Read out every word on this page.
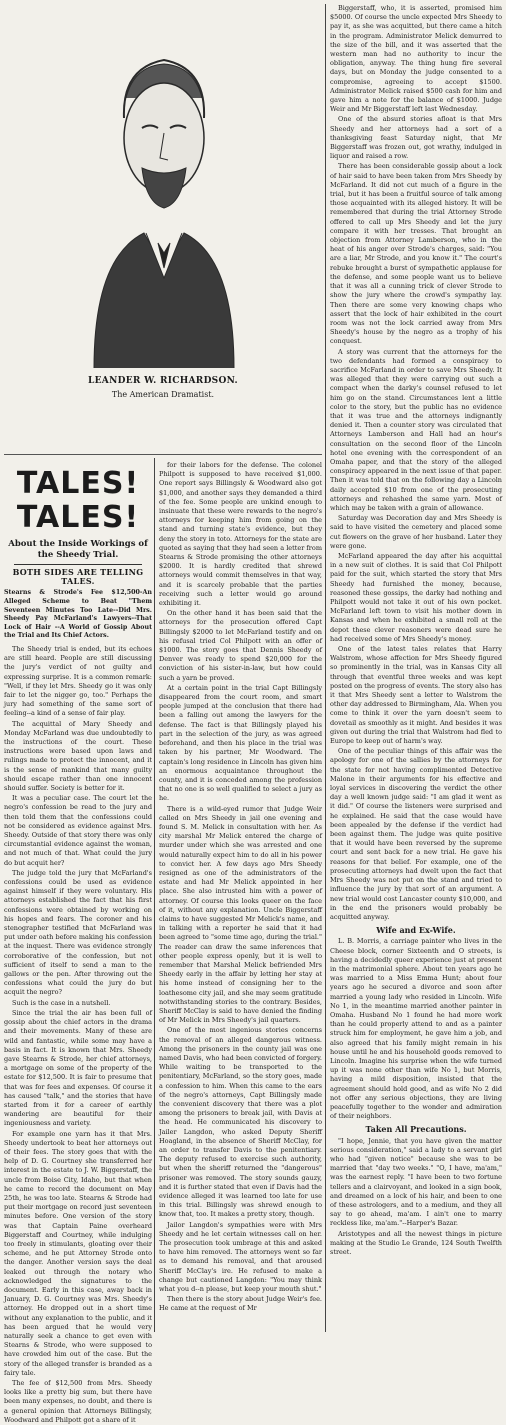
LEANDER W. RICHARDSON.
The American Dramatist.
TALES! TALES!
About the Inside Workings of the Sheedy Trial.
BOTH SIDES ARE TELLING TALES.
Stearns & Strode's Fee $12,500-An Alleged Scheme to Beat "Them Seventeen Minutes Too Late--Did Mrs. Sheedy Pay McFarland's Lawyers--That Lock of Hair --A World of Gossip About the Trial and Its Chief Actors.

The Sheedy trial is ended, but its echoes are still heard. People are still discussing the jury's verdict of not guilty and expressing surprise. It is a common remark: "Well, if they let Mrs. Sheedy go it was only fair to let the nigger go, too." Perhaps the jury had something of the same sort of feeling--a kind of a sense of fair play.

The acquittal of Mary Sheedy and Monday McFarland was due undoubtedly to the instructions of the court. These instructions were based upon laws and rulings made to protect the innocent, and it is the sense of mankind that many guilty should escape rather than one innocent should suffer. Society is better for it.

It was a peculiar case. The court let the negro's confession be read to the jury and then told them that the confessions could not be considered as evidence against Mrs. Sheedy. Outside of that story there was only circumstantial evidence against the woman, and not much of that. What could the jury do but acquit her?

The judge told the jury that McFarland's confessions could be used as evidence against himself if they were voluntary. His attorneys established the fact that his first confessions were obtained by working on his hopes and fears. The coroner and his stenographer testified that McFarland was put under oath before making his confession at the inquest. There was evidence strongly corroborative of the confession, but not sufficient of itself to send a man to the gallows or the pen. After throwing out the confessions what could the jury do but acquit the negro?

Such is the case in a nutshell.

Since the trial the air has been full of gossip about the chief actors in the drama and their movements. Many of these are wild and fantastic, while some may have a basis in fact. It is known that Mrs. Sheedy gave Stearns & Strode, her chief attorneys, a mortgage on some of the property of the estate for $12,500. It is fair to presume that that was for fees and expenses. Of course it has caused "talk," and the stories that have started from it for a career of earthly wandering are beautiful for their ingeniousness and variety.

For example one yarn has it that Mrs. Sheedy undertook to beat her attorneys out of their fees. The story goes that with the help of D. G. Courtney she transferred her interest in the estate to J. W. Biggerstaff, the uncle from Boise City, Idaho, but that when he came to record the document on May 25th, he was too late. Stearns & Strode had put their mortgage on record just seventeen minutes before. One version of the story was that Captain Paine overheard Biggerstaff and Courtney, while indulging too freely in stimulants, gloating over their scheme, and he put Attorney Strode onto the danger. Another version says the deal leaked out through the notary who acknowledged the signatures to the document. Early in this case, away back in January, D. G. Courtney was Mrs. Sheedy's attorney. He dropped out in a short time without any explanation to the public, and it has been argued that he would very naturally seek a chance to get even with Stearns & Strode, who were supposed to have crowded him out of the case. But the story of the alleged transfer is branded as a fairy tale.

The fee of $12,500 from Mrs. Sheedy looks like a pretty big sum, but there have been many expenses, no doubt, and there is a general opinion that Attorneys Billingsly, Woodward and Philpott got a share of it

for their labors for the defense. The colonel Philpott is supposed to have received $1,000. One report says Billingsly & Woodward also got $1,000, and another says they demanded a third of the fee. Some people are unkind enough to insinuate that these were rewards to the negro's attorneys for keeping him from going on the stand and turning state's evidence, but they deny the story in toto. Attorneys for the state are quoted as saying that they had seen a letter from Stearns & Strode promising the other attorneys $2000. It is hardly credited that shrewd attorneys would commit themselves in that way, and it is scarcely probable that the parties receiving such a letter would go around exhibiting it.

On the other hand it has been said that the attorneys for the prosecution offered Capt Billingsly $2000 to let McFarland testify and on his refusal tried Col Philpott with an offer of $1000. The story goes that Dennis Sheedy of Denver was ready to spend $20,000 for the conviction of his sister-in-law, but how could such a yarn be proved.

At a certain point in the trial Capt Billingsly disappeared from the court room, and smart people jumped at the conclusion that there had been a falling out among the lawyers for the defense. The fact is that Billingsly played his part in the selection of the jury, as was agreed beforehand, and then his place in the trial was taken by his partner, Mr Woodward. The captain's long residence in Lincoln has given him an enormous acquaintance throughout the county, and it is conceded among the profession that no one is so well qualified to select a jury as he.

There is a wild-eyed rumor that Judge Weir called on Mrs Sheedy in jail one evening and found S. M. Melick in consultation with her. As city marshal Mr Melick entered the charge of murder under which she was arrested and one would naturally expect him to do all in his power to convict her. A few days ago Mrs Sheedy resigned as one of the administrators of the estate and had Mr Melick appointed in her place. She also intrusted him with a power of attorney. Of course this looks queer on the face of it, without any explanation. Uncle Biggerstaff claims to have suggested Mr Melick's name, and in talking with a reporter he said that it had been agreed to "some time ago, during the trial." The reader can draw the same inferences that other people express openly, but it is well to remember that Marshal Melick befriended Mrs Sheedy early in the affair by letting her stay at his home instead of consigning her to the loathesome city jail, and she may seem gratitude notwithstanding stories to the contrary. Besides, Sheriff McClay is said to have denied the finding of Mr Melick in Mrs Sheedy's jail quarters.

One of the most ingenious stories concerns the removal of an alleged dangerous witness. Among the prisoners in the county jail was one named Davis, who had been convicted of forgery. While waiting to be transported to the penitentiary, McFarland, so the story goes, made a confession to him. When this came to the ears of the negro's attorneys, Capt Billingsly made the convenient discovery that there was a plot among the prisoners to break jail, with Davis at the head. He communicated his discovery to Jailer Langdon, who asked Deputy Sheriff Hoagland, in the absence of Sheriff McClay, for an order to transfer Davis to the penitentiary. The deputy refused to exercise such authority, but when the sheriff returned the "dangerous" prisoner was removed. The story sounds gauzy, and it is further stated that even if Davis had the evidence alleged it was learned too late for use in this trial. Billingsly was shrewd enough to know that, too. It makes a pretty story, though.

Jailor Langdon's sympathies were with Mrs Sheedy and he let certain witnesses call on her. The prosecution took umbrage at this and asked to have him removed. The attorneys went so far as to demand his removal, and that aroused Sheriff McClay's ire. He refused to make a change but cautioned Langdon: "You may think what you d--n please, but keep your mouth shut."

Then there is the story about Judge Weir's fee. He came at the request of Mr

Biggerstaff, who, it is asserted, promised him $5000. Of course the uncle expected Mrs Sheedy to pay it, as she was acquitted, but there came a hitch in the program. Administrator Melick demurred to the size of the bill, and it was asserted that the western man had no authority to incur the obligation, anyway. The thing hung fire several days, but on Monday the judge consented to a compromise, agreeing to accept $1500. Administrator Melick raised $500 cash for him and gave him a note for the balance of $1000. Judge Weir and Mr Biggerstaff left last Wednesday.

One of the absurd stories afloat is that Mrs Sheedy and her attorneys had a sort of a thanksgiving feast Saturday night, that Mr Biggerstaff was frozen out, got wrathy, indulged in liquor and raised a row.

There has been considerable gossip about a lock of hair said to have been taken from Mrs Sheedy by McFarland. It did not cut much of a figure in the trial, but it has been a fruitful source of talk among those acquainted with its alleged history. It will be remembered that during the trial Attorney Strode offered to call up Mrs Sheedy and let the jury compare it with her tresses. That brought an objection from Attorney Lamberson, who in the heat of his anger over Strode's charges, said: "You are a liar, Mr Strode, and you know it." The court's rebuke brought a burst of sympathetic applause for the defense, and some people want us to believe that it was all a cunning trick of clever Strode to show the jury where the crowd's sympathy lay. Then there are some very knowing chaps who assert that the lock of hair exhibited in the court room was not the lock carried away from Mrs Sheedy's house by the negro as a trophy of his conquest.

A story was current that the attorneys for the two defendants had formed a conspiracy to sacrifice McFarland in order to save Mrs Sheedy. It was alleged that they were carrying out such a compact when the darky's counsel refused to let him go on the stand. Circumstances lent a little color to the story, but the public has no evidence that it was true and the attorneys indignantly denied it. Then a counter story was circulated that Attorneys Lamberson and Hall had an hour's consultation on the second floor of the Lincoln hotel one evening with the correspondent of an Omaha paper, and that the story of the alleged conspiracy appeared in the next issue of that paper. Then it was told that on the following day a Lincoln daily accepted $10 from one of the prosecuting attorneys and rehashed the same yarn. Most of which may be taken with a grain of allowance.

Saturday was Decoration day and Mrs Sheedy is said to have visited the cemetery and placed some cut flowers on the grave of her husband. Later they were gone.

McFarland appeared the day after his acquittal in a new suit of clothes. It is said that Col Philpott paid for the suit, which started the story that Mrs Sheedy had furnished the money, because, reasoned these gossips, the darky had nothing and Philpott would not take it out of his own pocket. McFarland left town to visit his mother down in Kansas and when he exhibited a small roll at the depot these clever reasoners were dead sure he had received some of Mrs Sheedy's money.

One of the latest tales relates that Harry Walstrom, whose affection for Mrs Sheedy figured so prominently in the trial, was in Kansas City all through that eventful three weeks and was kept posted on the progress of events. The story also has it that Mrs Sheedy sent a letter to Walstrom the other day addressed to Birmingham, Ala. When you come to think it over the yarn doesn't seem to dovetail as smoothly as it might. And besides it was given out during the trial that Walstrom had fled to Europe to keep out of harm's way.

One of the peculiar things of this affair was the apology for one of the sallies by the attorneys for the state for not having complimented Detective Malone in their arguments for his effective and loyal services in discovering the verdict the other day a well known judge said: "I am glad it went as it did." Of course the listeners were surprised and he explained. He said that the case would have been appealed by the defense if the verdict had been against them. The judge was quite positive that it would have been reversed by the supreme court and sent back for a new trial. He gave his reasons for that belief. For example, one of the prosecuting attorneys had dwelt upon the fact that Mrs Sheedy was not put on the stand and tried to influence the jury by that sort of an argument. A new trial would cost Lancaster county $10,000, and in the end the prisoners would probably be acquitted anyway.

Wife and Ex-Wife.

L. B. Morris, a carriage painter who lives in the Cheese block, corner Sixteenth and O streets, is having a decidedly queer experience just at present in the matrimonial sphere. About ten years ago he was married to a Miss Emma Hunt; about four years ago he secured a divorce and soon after married a young lady who resided in Lincoln. Wife No 1, in the meantime married another painter in Omaha. Husband No 1 found he had more work than he could properly attend to and as a painter struck him for employment, he gave him a job, and also agreed that his family might remain in his house until he and his household goods removed to Lincoln. Imagine his surprise when the wife turned up it was none other than wife No 1, but Morris, having a mild disposition, insisted that the agreement should hold good, and as wife No 2 did not offer any serious objections, they are living peacefully together to the wonder and admiration of their neighbors.

Taken All Precautions.

"I hope, Jennie, that you have given the matter serious consideration," said a lady to a servant girl who had "given notice" because she was to be married that "day two weeks." "O, I have, ma'am," was the earnest reply. "I have been to two fortune tellers and a clairvoyant, and looked in a sign book, and dreamed on a lock of his hair, and been to one of these astrologers, and to a medium, and they all say to go ahead, ma'am. I ain't one to marry reckless like, ma'am."--Harper's Bazar.

Aristotypes and all the newest things in picture making at the Studio Le Grande, 124 South Twelfth street.
